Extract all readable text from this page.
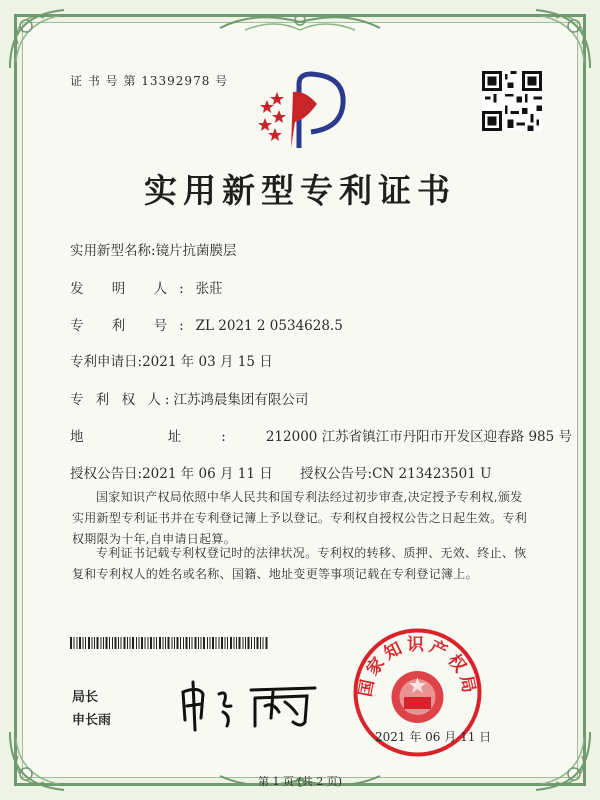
证 书 号 第 13392978 号
实用新型专利证书
实用新型名称:镜片抗菌膜层
发 明 人:张莊
专 利 号:ZL 2021 2 0534628.5
专利申请日:2021 年 03 月 15 日
专 利 权 人:江苏鸿晨集团有限公司
地 址:212000 江苏省镇江市丹阳市开发区迎春路 985 号
授权公告日:2021 年 06 月 11 日 授权公告号:CN 213423501 U
国家知识产权局依照中华人民共和国专利法经过初步审查,决定授予专利权,颁发实用新型专利证书并在专利登记簿上予以登记。专利权自授权公告之日起生效。专利权期限为十年,自申请日起算。
专利证书记载专利权登记时的法律状况。专利权的转移、质押、无效、终止、恢复和专利权人的姓名或名称、国籍、地址变更等事项记载在专利登记簿上。
局长
申长雨
国家知识产权局
2021 年 06 月 11 日
第 1 页 (共 2 页)
